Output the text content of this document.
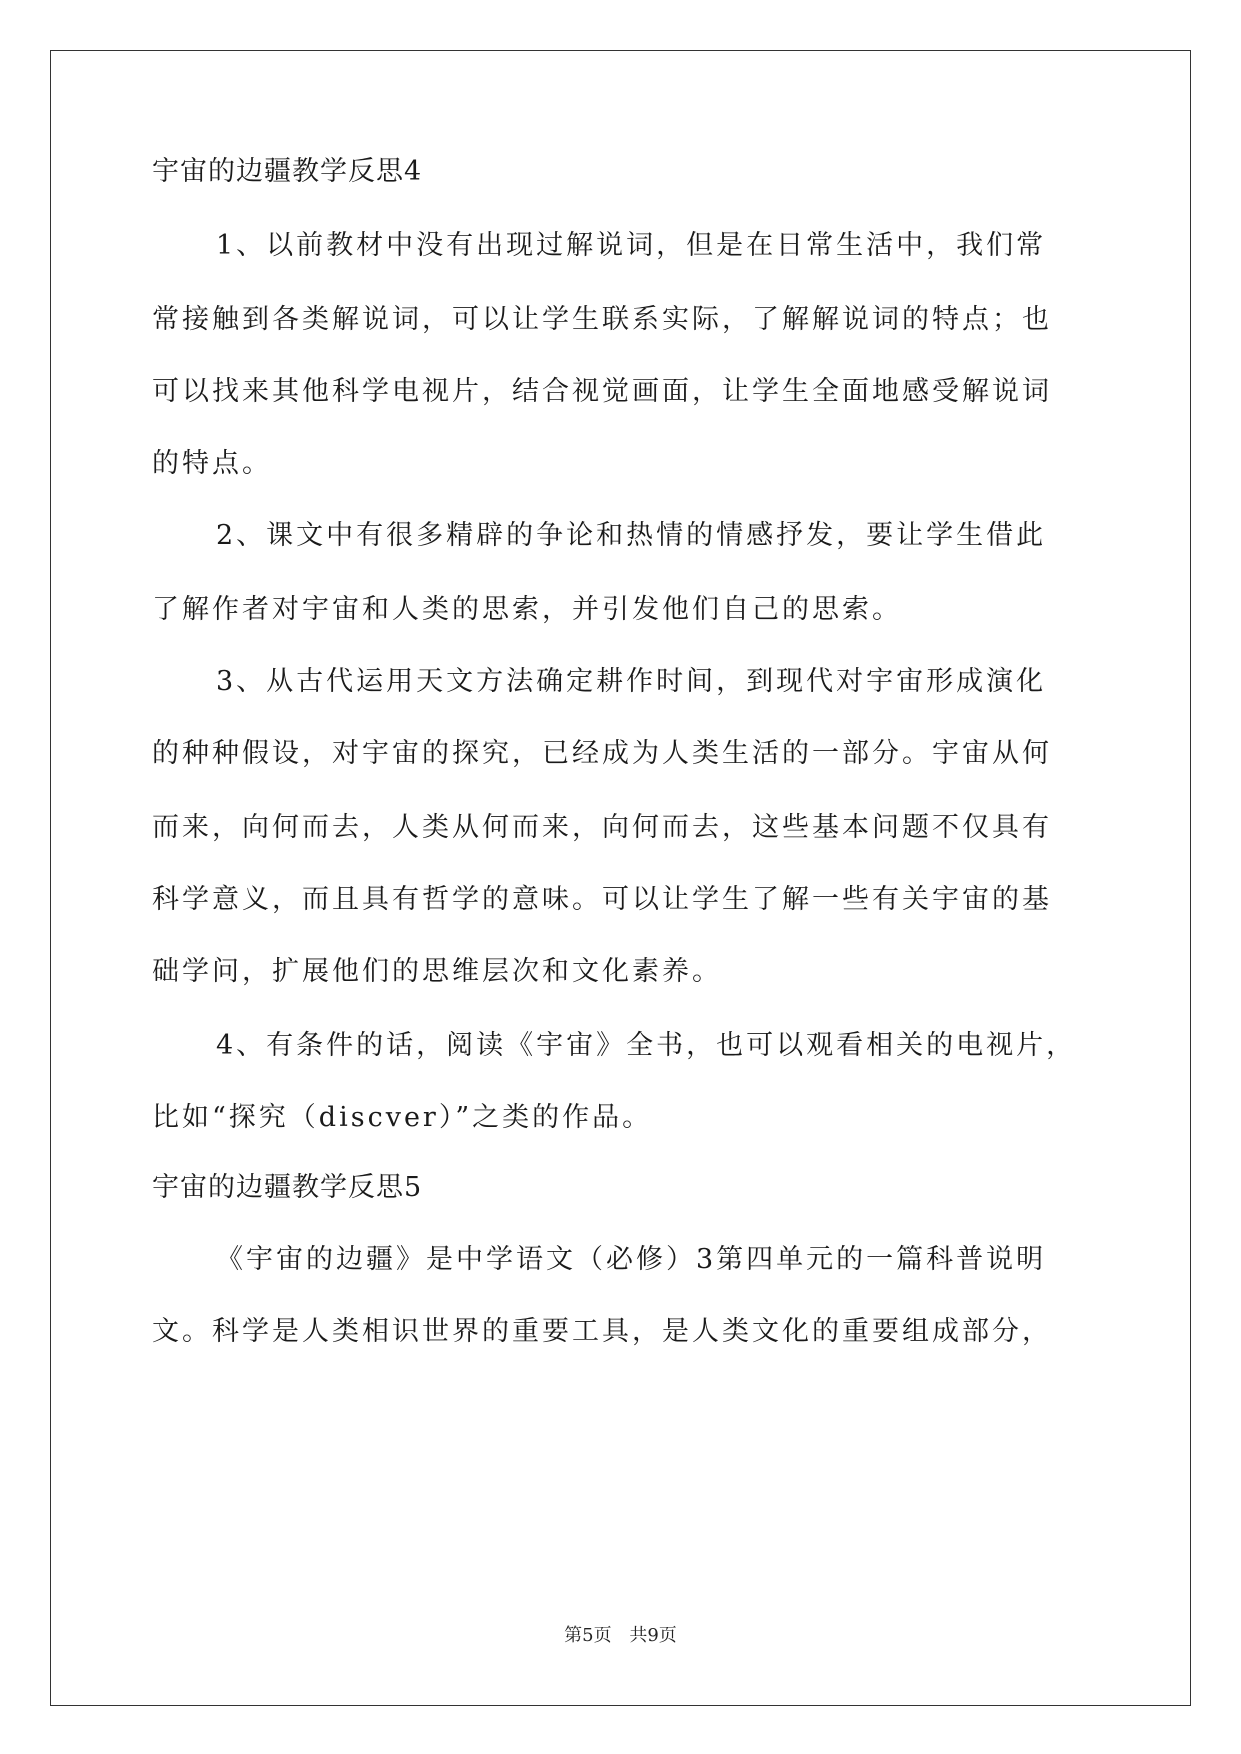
宇宙的边疆教学反思4
1、以前教材中没有出现过解说词，但是在日常生活中，我们常
常接触到各类解说词，可以让学生联系实际，了解解说词的特点；也
可以找来其他科学电视片，结合视觉画面，让学生全面地感受解说词
的特点。
2、课文中有很多精辟的争论和热情的情感抒发，要让学生借此
了解作者对宇宙和人类的思索，并引发他们自己的思索。
3、从古代运用天文方法确定耕作时间，到现代对宇宙形成演化
的种种假设，对宇宙的探究，已经成为人类生活的一部分。宇宙从何
而来，向何而去，人类从何而来，向何而去，这些基本问题不仅具有
科学意义，而且具有哲学的意味。可以让学生了解一些有关宇宙的基
础学问，扩展他们的思维层次和文化素养。
4、有条件的话，阅读《宇宙》全书，也可以观看相关的电视片，
比如“探究（discver）”之类的作品。
宇宙的边疆教学反思5
《宇宙的边疆》是中学语文（必修）3第四单元的一篇科普说明
文。科学是人类相识世界的重要工具，是人类文化的重要组成部分，
第5页 共9页
